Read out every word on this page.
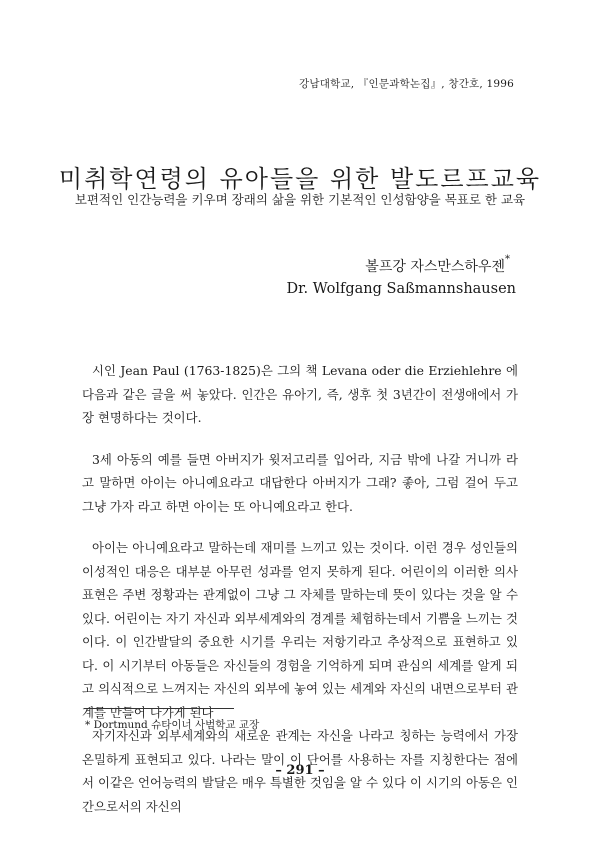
강남대학교, 『인문과학논집』, 창간호, 1996
미취학연령의 유아들을 위한 발도르프교육
보편적인 인간능력을 키우며 장래의 삶을 위한 기본적인 인성함양을 목표로 한 교육
볼프강 자스만스하우젠*
Dr. Wolfgang Saßmannshausen

시인 Jean Paul (1763-1825)은 그의 책 Levana oder die Erziehlehre 에 다음과 같은 글을 써 놓았다. 인간은 유아기, 즉, 생후 첫 3년간이 전생애에서 가장 현명하다는 것이다.

3세 아동의 예를 들면 아버지가 윗저고리를 입어라, 지금 밖에 나갈 거니까 라고 말하면 아이는 아니예요라고 대답한다 아버지가 그래? 좋아, 그럼 걸어 두고 그냥 가자 라고 하면 아이는 또 아니예요라고 한다.

아이는 아니예요라고 말하는데 재미를 느끼고 있는 것이다. 이런 경우 성인들의 이성적인 대응은 대부분 아무런 성과를 얻지 못하게 된다. 어린이의 이러한 의사표현은 주변 정황과는 관계없이 그냥 그 자체를 말하는데 뜻이 있다는 것을 알 수 있다. 어린이는 자기 자신과 외부세계와의 경계를 체험하는데서 기쁨을 느끼는 것이다. 이 인간발달의 중요한 시기를 우리는 저항기라고 추상적으로 표현하고 있다. 이 시기부터 아동들은 자신들의 경험을 기억하게 되며 관심의 세계를 알게 되고 의식적으로 느껴지는 자신의 외부에 놓여 있는 세계와 자신의 내면으로부터 관계를 만들어 나가게 된다

자기자신과 외부세계와의 새로운 관계는 자신을 나라고 칭하는 능력에서 가장 온밀하게 표현되고 있다. 나라는 말이 이 단어를 사용하는 자를 지칭한다는 점에서 이같은 언어능력의 발달은 매우 특별한 것임을 알 수 있다 이 시기의 아동은 인간으로서의 자신의

* Dortmund 슈타이너 사범학교 교장
– 291 –
